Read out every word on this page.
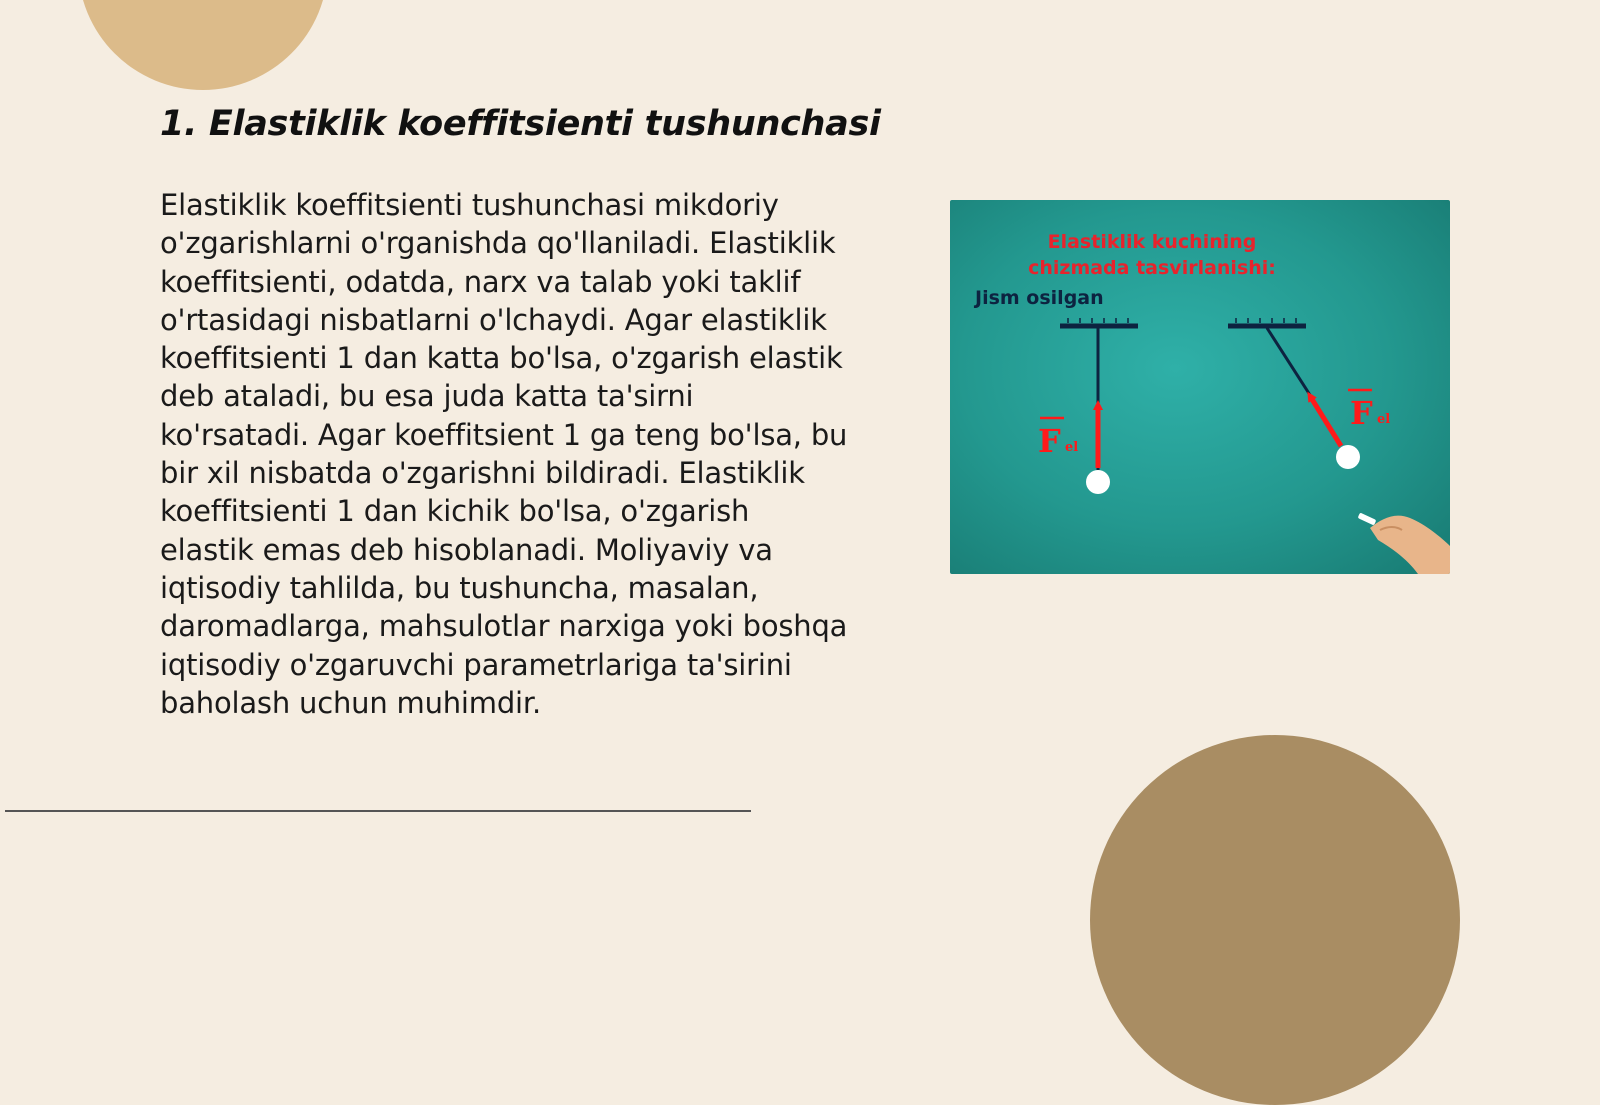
1. Elastiklik koeffitsienti tushunchasi

Elastiklik koeffitsienti tushunchasi mikdoriy o'zgarishlarni o'rganishda qo'llaniladi. Elastiklik koeffitsienti, odatda, narx va talab yoki taklif o'rtasidagi nisbatlarni o'lchaydi. Agar elastiklik koeffitsienti 1 dan katta bo'lsa, o'zgarish elastik deb ataladi, bu esa juda katta ta'sirni ko'rsatadi. Agar koeffitsient 1 ga teng bo'lsa, bu bir xil nisbatda o'zgarishni bildiradi. Elastiklik koeffitsienti 1 dan kichik bo'lsa, o'zgarish elastik emas deb hisoblanadi. Moliyaviy va iqtisodiy tahlilda, bu tushuncha, masalan, daromadlarga, mahsulotlar narxiga yoki boshqa iqtisodiy o'zgaruvchi parametrlariga ta'sirini baholash uchun muhimdir.

Elastiklik kuchining
chizmada tasvirlanishi:
Jism osilgan
F el
F el
